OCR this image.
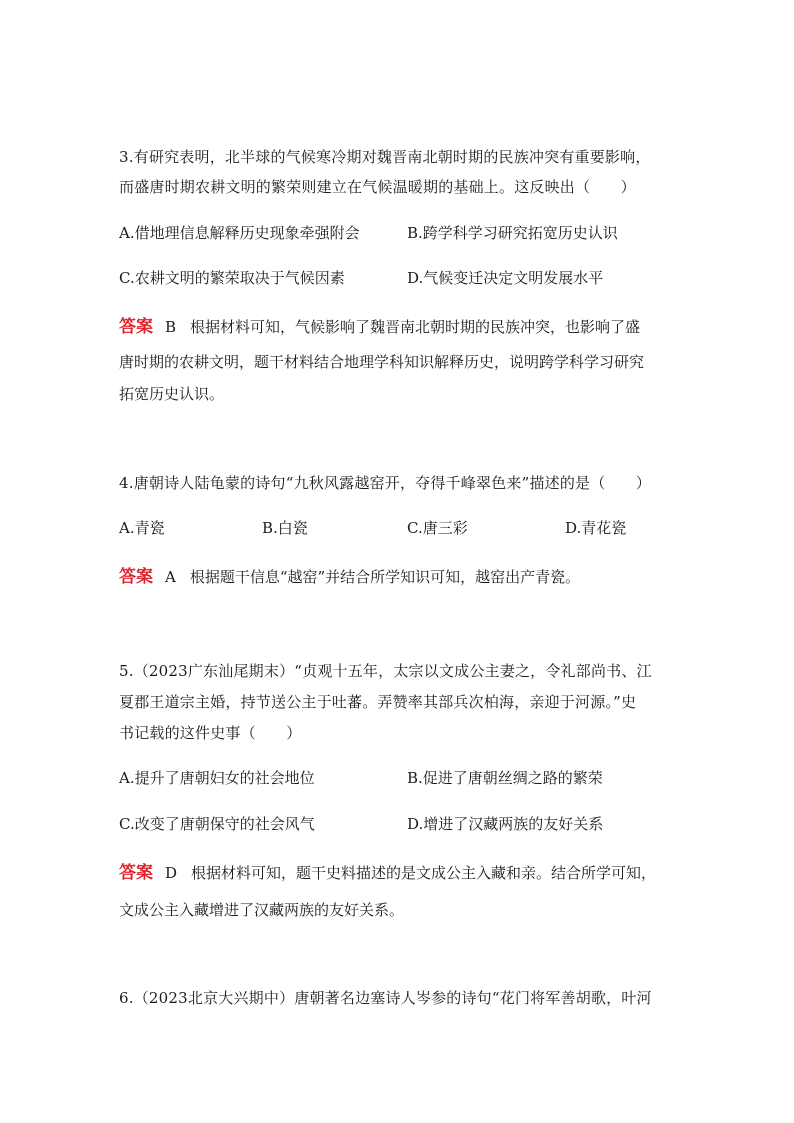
3.有研究表明，北半球的气候寒冷期对魏晋南北朝时期的民族冲突有重要影响，
而盛唐时期农耕文明的繁荣则建立在气候温暖期的基础上。这反映出（　　）
A.借地理信息解释历史现象牵强附会	B.跨学科学习研究拓宽历史认识
C.农耕文明的繁荣取决于气候因素	D.气候变迁决定文明发展水平
答案 B 根据材料可知，气候影响了魏晋南北朝时期的民族冲突，也影响了盛
唐时期的农耕文明，题干材料结合地理学科知识解释历史，说明跨学科学习研究
拓宽历史认识。
4.唐朝诗人陆龟蒙的诗句“九秋风露越窑开，夺得千峰翠色来”描述的是（　　）
A.青瓷	B.白瓷	C.唐三彩	D.青花瓷
答案 A 根据题干信息“越窑”并结合所学知识可知，越窑出产青瓷。
5.（2023广东汕尾期末）“贞观十五年，太宗以文成公主妻之，令礼部尚书、江
夏郡王道宗主婚，持节送公主于吐蕃。弄赞率其部兵次柏海，亲迎于河源。”史
书记载的这件史事（　　）
A.提升了唐朝妇女的社会地位	B.促进了唐朝丝绸之路的繁荣
C.改变了唐朝保守的社会风气	D.增进了汉藏两族的友好关系
答案 D 根据材料可知，题干史料描述的是文成公主入藏和亲。结合所学可知，
文成公主入藏增进了汉藏两族的友好关系。
6.（2023北京大兴期中）唐朝著名边塞诗人岑参的诗句“花门将军善胡歌，叶河
